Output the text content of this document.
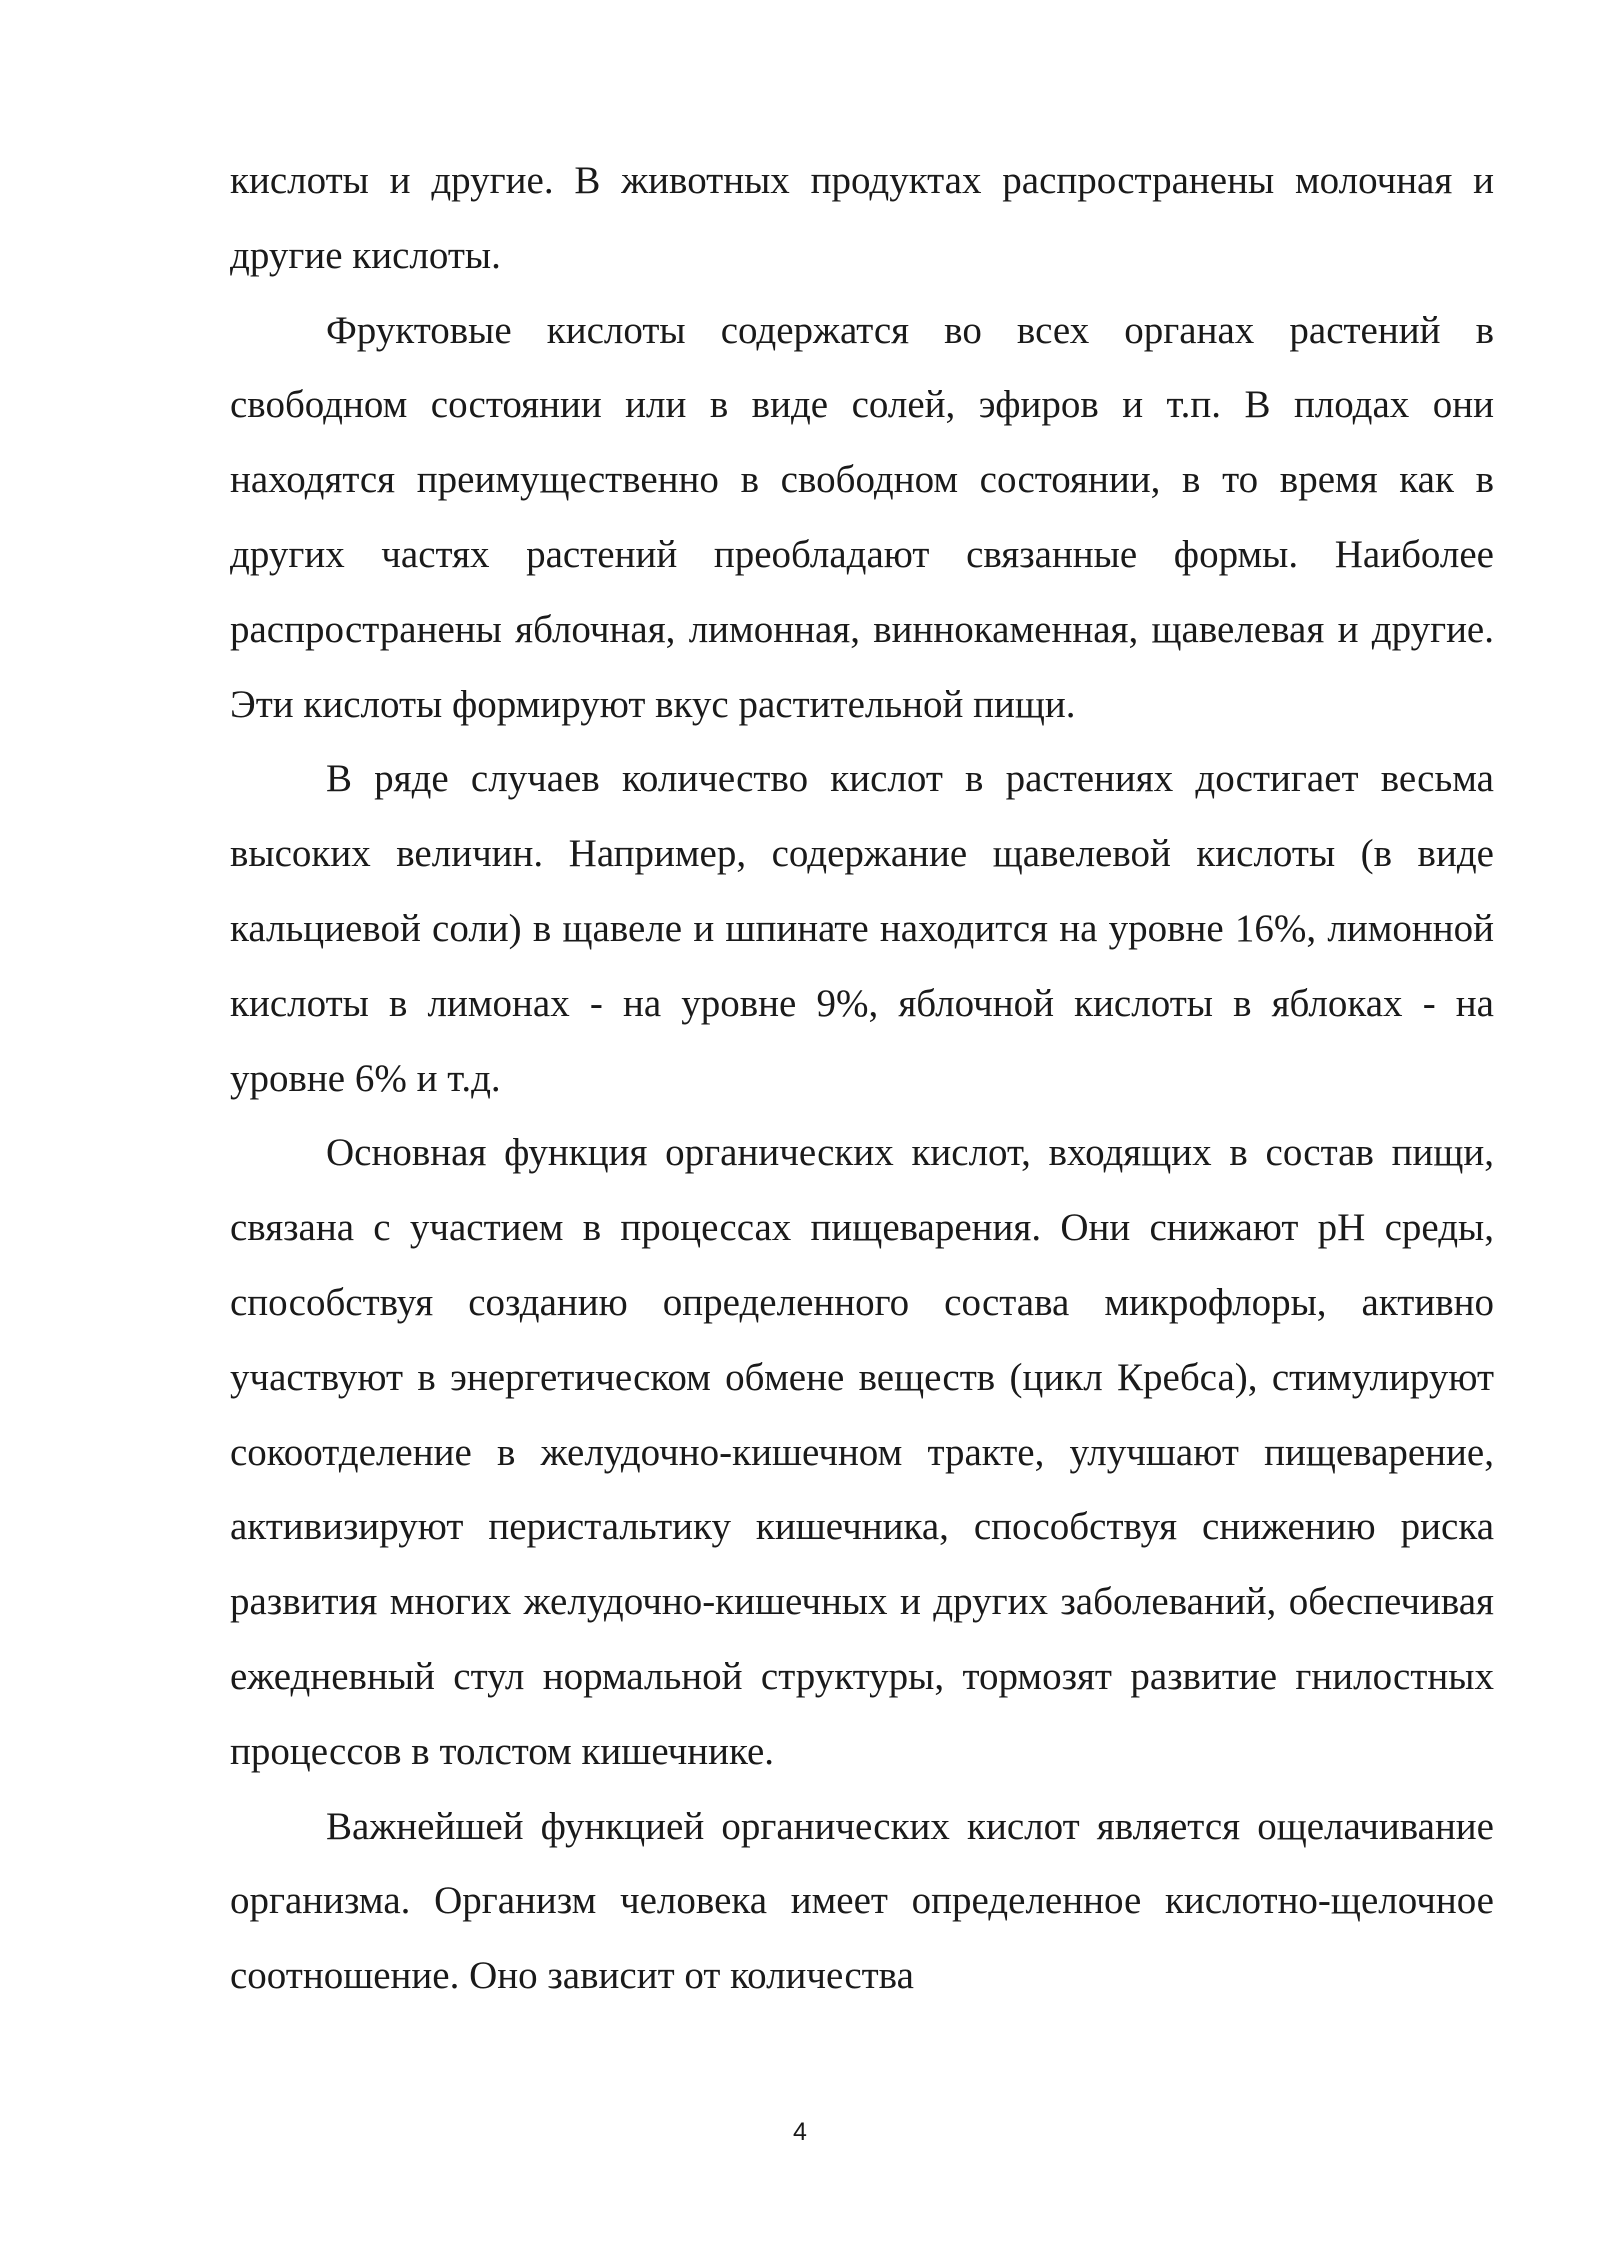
кислоты и другие. В животных продуктах распространены молочная и другие кислоты.

Фруктовые кислоты содержатся во всех органах растений в свободном состоянии или в виде солей, эфиров и т.п. В плодах они находятся преимущественно в свободном состоянии, в то время как в других частях растений преобладают связанные формы. Наиболее распространены яблочная, лимонная, виннокаменная, щавелевая и другие. Эти кислоты формируют вкус растительной пищи.

В ряде случаев количество кислот в растениях достигает весьма высоких величин. Например, содержание щавелевой кислоты (в виде кальциевой соли) в щавеле и шпинате находится на уровне 16%, лимонной кислоты в лимонах - на уровне 9%, яблочной кислоты в яблоках - на уровне 6% и т.д.

Основная функция органических кислот, входящих в состав пищи, связана с участием в процессах пищеварения. Они снижают рН среды, способствуя созданию определенного состава микрофлоры, активно участвуют в энергетическом обмене веществ (цикл Кребса), стимулируют сокоотделение в желудочно-кишечном тракте, улучшают пищеварение, активизируют перистальтику кишечника, способствуя снижению риска развития многих желудочно-кишечных и других заболеваний, обеспечивая ежедневный стул нормальной структуры, тормозят развитие гнилостных процессов в толстом кишечнике.

Важнейшей функцией органических кислот является ощелачивание организма. Организм человека имеет определенное кислотно-щелочное соотношение. Оно зависит от количества

4
